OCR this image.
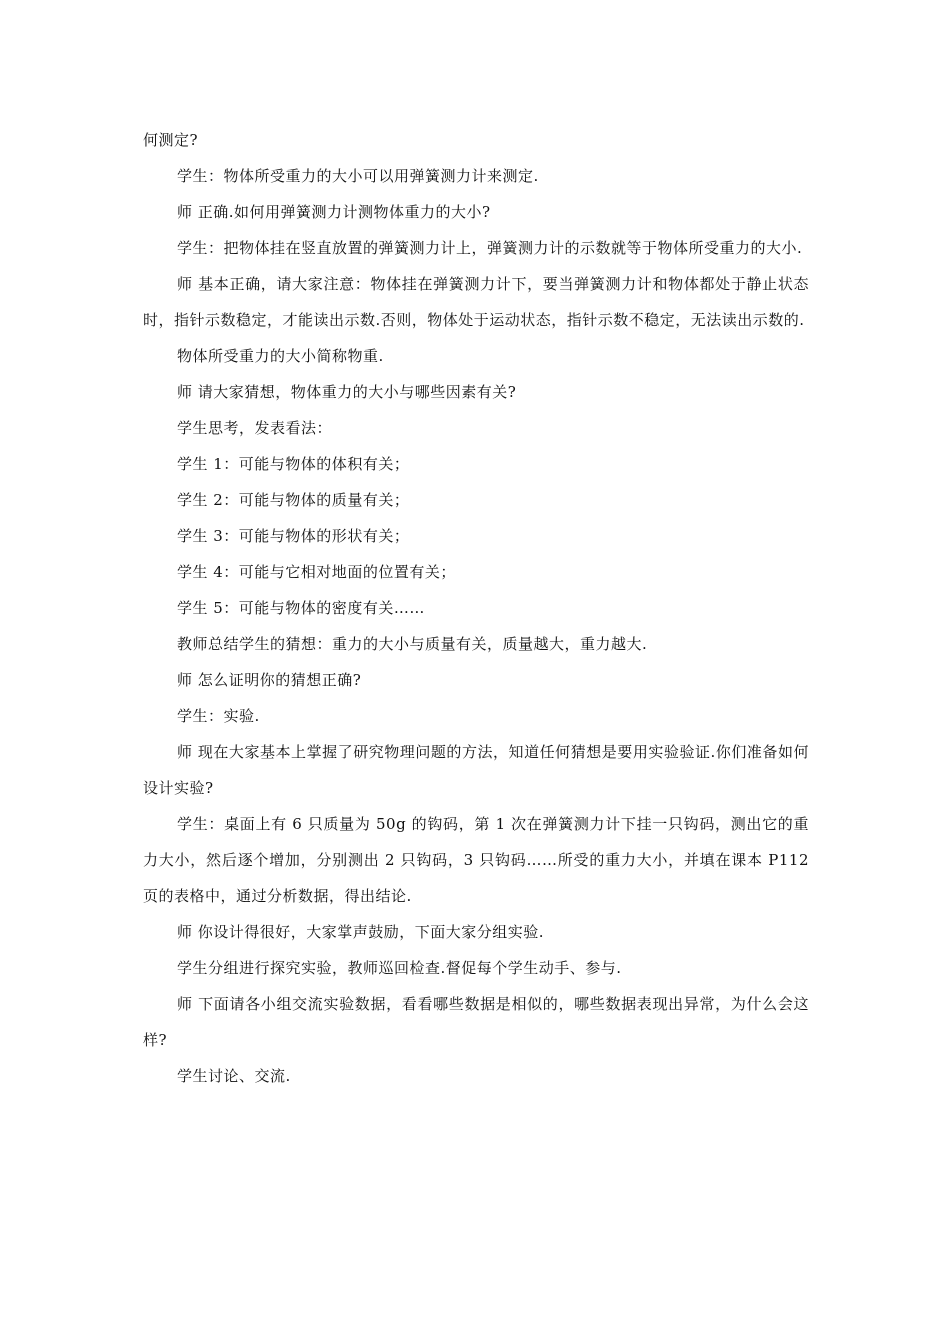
何测定?

学生：物体所受重力的大小可以用弹簧测力计来测定.

师 正确.如何用弹簧测力计测物体重力的大小?

学生：把物体挂在竖直放置的弹簧测力计上，弹簧测力计的示数就等于物体所受重力的大小.

师 基本正确，请大家注意：物体挂在弹簧测力计下，要当弹簧测力计和物体都处于静止状态时，指针示数稳定，才能读出示数.否则，物体处于运动状态，指针示数不稳定，无法读出示数的.

物体所受重力的大小简称物重.

师 请大家猜想，物体重力的大小与哪些因素有关?

学生思考，发表看法：

学生 1：可能与物体的体积有关；

学生 2：可能与物体的质量有关；

学生 3：可能与物体的形状有关；

学生 4：可能与它相对地面的位置有关；

学生 5：可能与物体的密度有关……

教师总结学生的猜想：重力的大小与质量有关，质量越大，重力越大.

师 怎么证明你的猜想正确?

学生：实验.

师 现在大家基本上掌握了研究物理问题的方法，知道任何猜想是要用实验验证.你们准备如何设计实验?

学生：桌面上有 6 只质量为 50g 的钩码，第 1 次在弹簧测力计下挂一只钩码，测出它的重力大小，然后逐个增加，分别测出 2 只钩码，3 只钩码……所受的重力大小，并填在课本 P112 页的表格中，通过分析数据，得出结论.

师 你设计得很好，大家掌声鼓励，下面大家分组实验.

学生分组进行探究实验，教师巡回检查.督促每个学生动手、参与.

师 下面请各小组交流实验数据，看看哪些数据是相似的，哪些数据表现出异常，为什么会这样?

学生讨论、交流.
